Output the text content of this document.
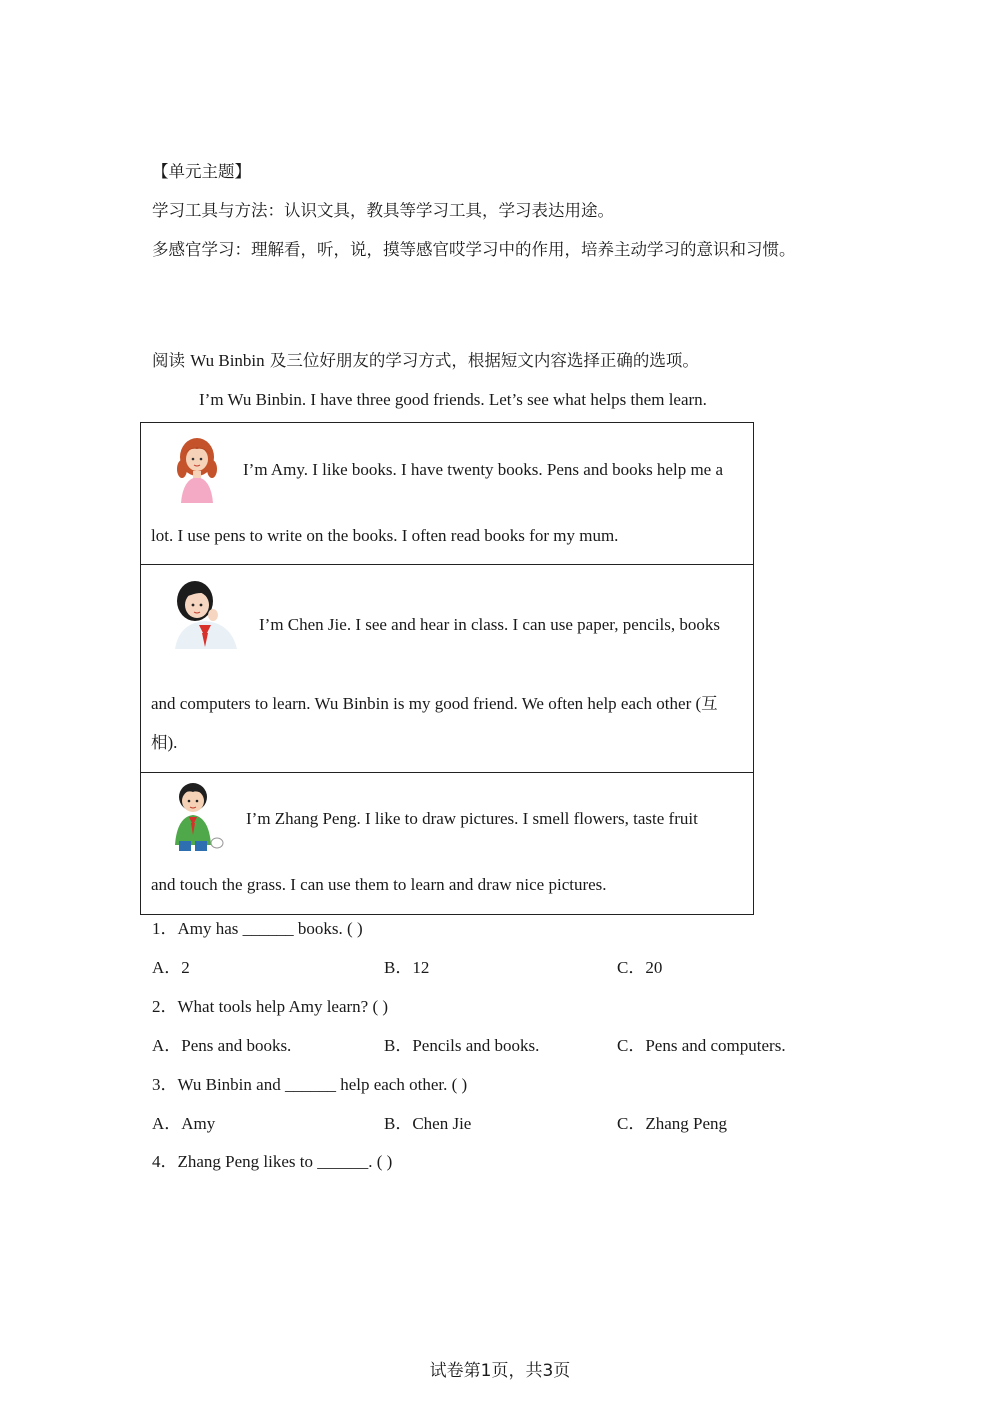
【单元主题】
学习工具与方法：认识文具，教具等学习工具，学习表达用途。
多感官学习：理解看，听，说，摸等感官哎学习中的作用，培养主动学习的意识和习惯。
阅读 Wu Binbin 及三位好朋友的学习方式，根据短文内容选择正确的选项。
I’m Wu Binbin. I have three good friends. Let’s see what helps them learn.
I’m Amy. I like books. I have twenty books. Pens and books help me a
lot. I use pens to write on the books. I often read books for my mum.
I’m Chen Jie. I see and hear in class. I can use paper, pencils, books
and computers to learn. Wu Binbin is my good friend. We often help each other (互
相).
I’m Zhang Peng. I like to draw pictures. I smell flowers, taste fruit
and touch the grass. I can use them to learn and draw nice pictures.
1．Amy has ______ books. ( )
A．2	B．12	C．20
2．What tools help Amy learn? ( )
A．Pens and books.	B．Pencils and books.	C．Pens and computers.
3．Wu Binbin and ______ help each other. ( )
A．Amy	B．Chen Jie	C．Zhang Peng
4．Zhang Peng likes to ______. ( )
试卷第1页，共3页
